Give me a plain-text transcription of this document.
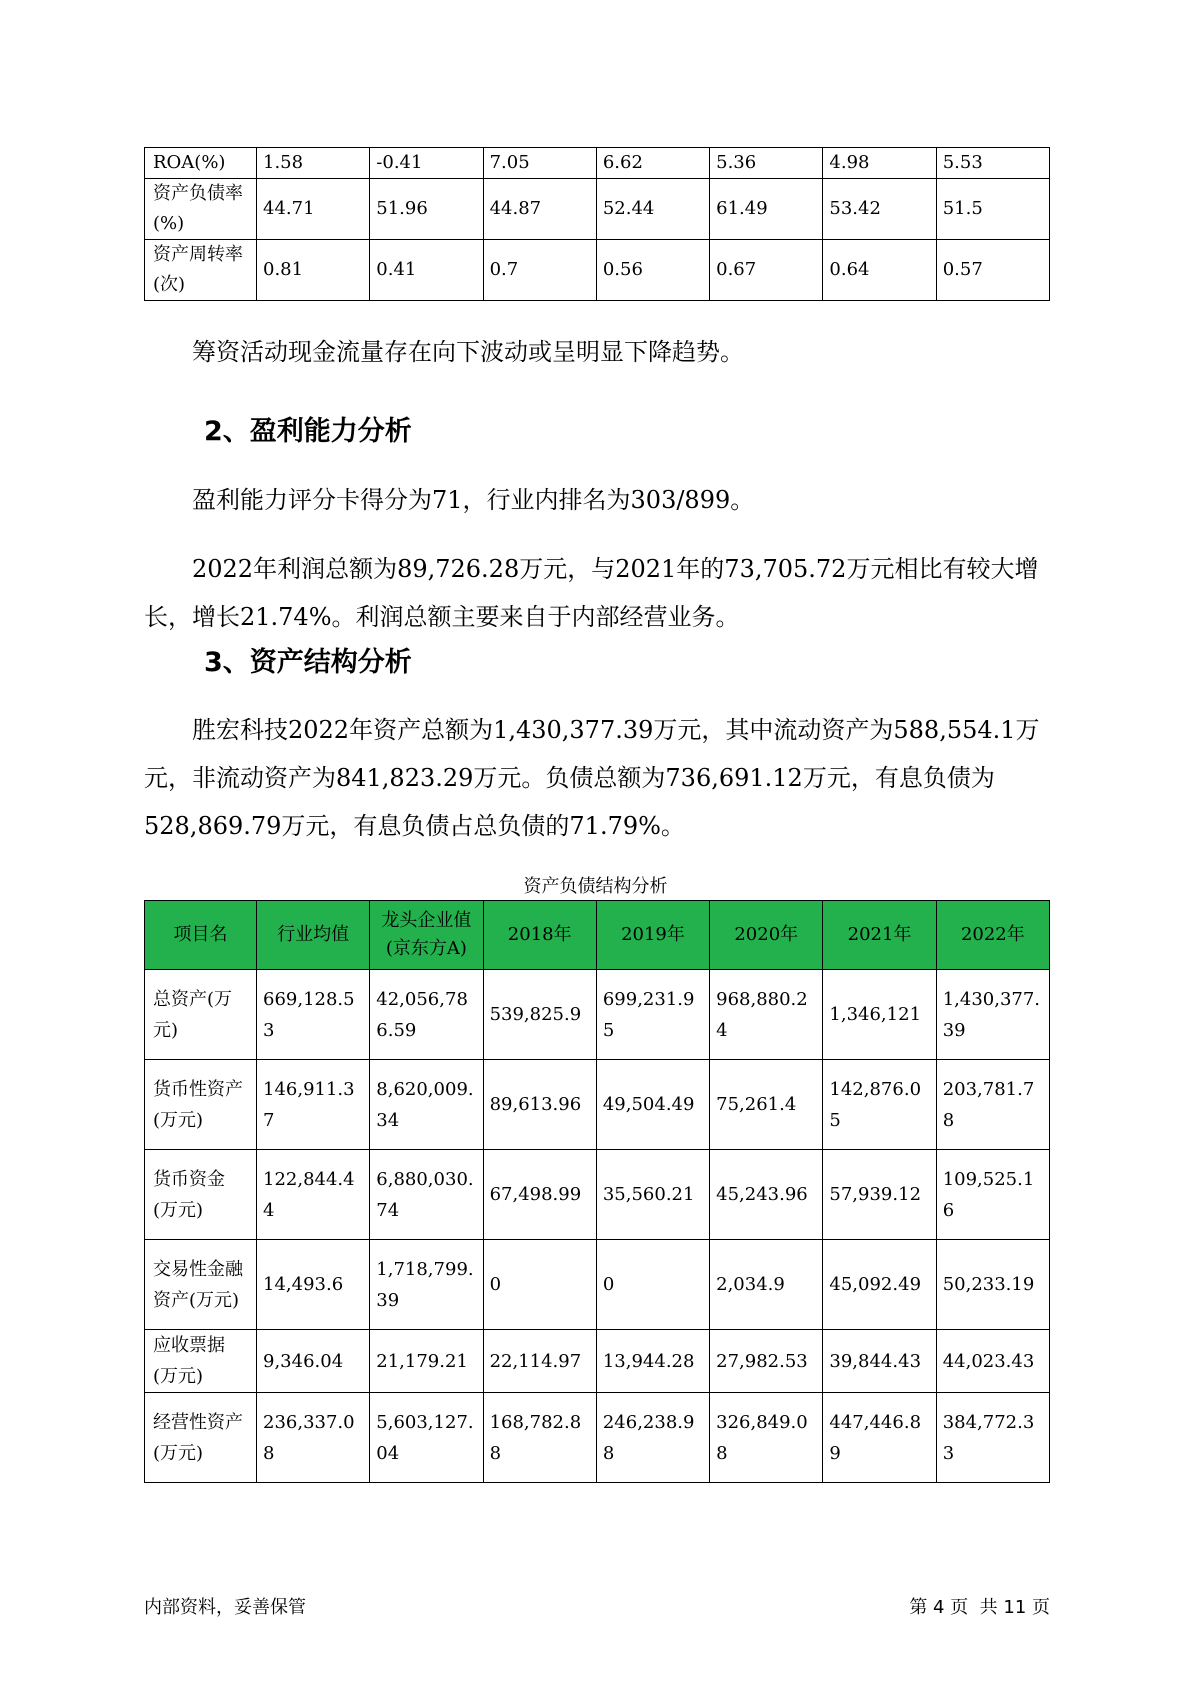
ROA(%)	1.58	-0.41	7.05	6.62	5.36	4.98	5.53
资产负债率(%)	44.71	51.96	44.87	52.44	61.49	53.42	51.5
资产周转率(次)	0.81	0.41	0.7	0.56	0.67	0.64	0.57

筹资活动现金流量存在向下波动或呈明显下降趋势。

2、盈利能力分析

盈利能力评分卡得分为71，行业内排名为303/899。

2022年利润总额为89,726.28万元，与2021年的73,705.72万元相比有较大增长，增长21.74%。利润总额主要来自于内部经营业务。

3、资产结构分析

胜宏科技2022年资产总额为1,430,377.39万元，其中流动资产为588,554.1万元，非流动资产为841,823.29万元。负债总额为736,691.12万元，有息负债为528,869.79万元，有息负债占总负债的71.79%。

资产负债结构分析
项目名	行业均值	龙头企业值(京东方A)	2018年	2019年	2020年	2021年	2022年
总资产(万元)	669,128.53	42,056,786.59	539,825.9	699,231.95	968,880.24	1,346,121	1,430,377.39
货币性资产(万元)	146,911.37	8,620,009.34	89,613.96	49,504.49	75,261.4	142,876.05	203,781.78
货币资金(万元)	122,844.44	6,880,030.74	67,498.99	35,560.21	45,243.96	57,939.12	109,525.16
交易性金融资产(万元)	14,493.6	1,718,799.39	0	0	2,034.9	45,092.49	50,233.19
应收票据(万元)	9,346.04	21,179.21	22,114.97	13,944.28	27,982.53	39,844.43	44,023.43
经营性资产(万元)	236,337.08	5,603,127.04	168,782.88	246,238.98	326,849.08	447,446.89	384,772.33
内部资料，妥善保管	第 4 页  共 11 页
